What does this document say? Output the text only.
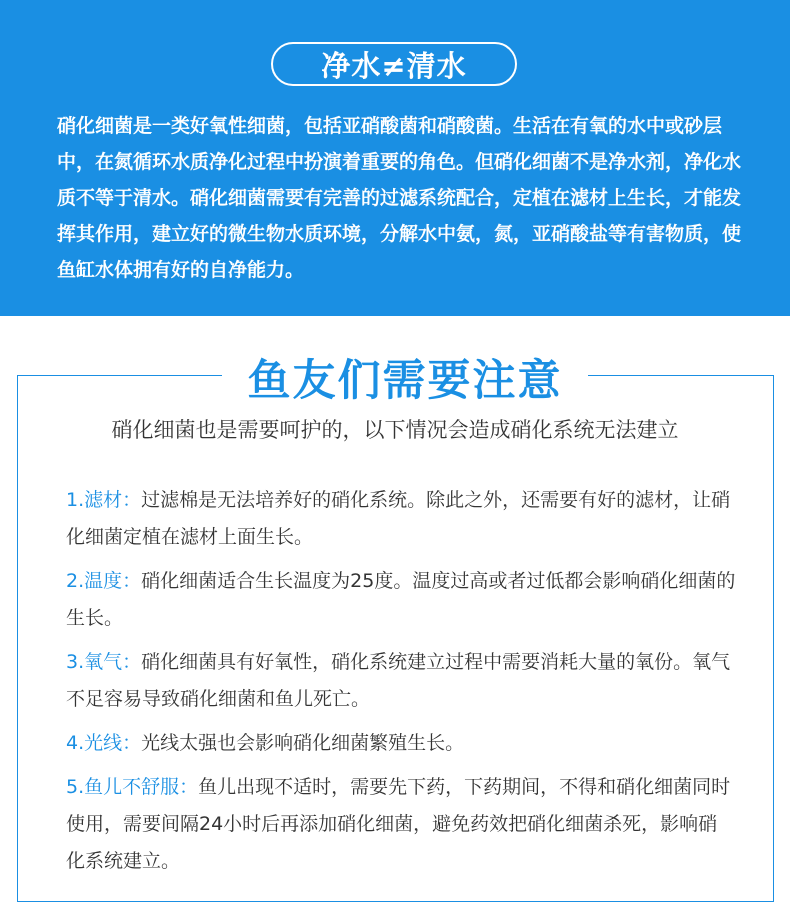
净水≠清水

硝化细菌是一类好氧性细菌，包括亚硝酸菌和硝酸菌。生活在有氧的水中或砂层中，在氮循环水质净化过程中扮演着重要的角色。但硝化细菌不是净水剂，净化水质不等于清水。硝化细菌需要有完善的过滤系统配合，定植在滤材上生长，才能发挥其作用，建立好的微生物水质环境，分解水中氨，氮，亚硝酸盐等有害物质，使鱼缸水体拥有好的自净能力。

鱼友们需要注意
硝化细菌也是需要呵护的，以下情况会造成硝化系统无法建立
1.滤材：过滤棉是无法培养好的硝化系统。除此之外，还需要有好的滤材，让硝化细菌定植在滤材上面生长。
2.温度：硝化细菌适合生长温度为25度。温度过高或者过低都会影响硝化细菌的生长。
3.氧气：硝化细菌具有好氧性，硝化系统建立过程中需要消耗大量的氧份。氧气不足容易导致硝化细菌和鱼儿死亡。
4.光线：光线太强也会影响硝化细菌繁殖生长。
5.鱼儿不舒服：鱼儿出现不适时，需要先下药，下药期间，不得和硝化细菌同时使用，需要间隔24小时后再添加硝化细菌，避免药效把硝化细菌杀死，影响硝化系统建立。
